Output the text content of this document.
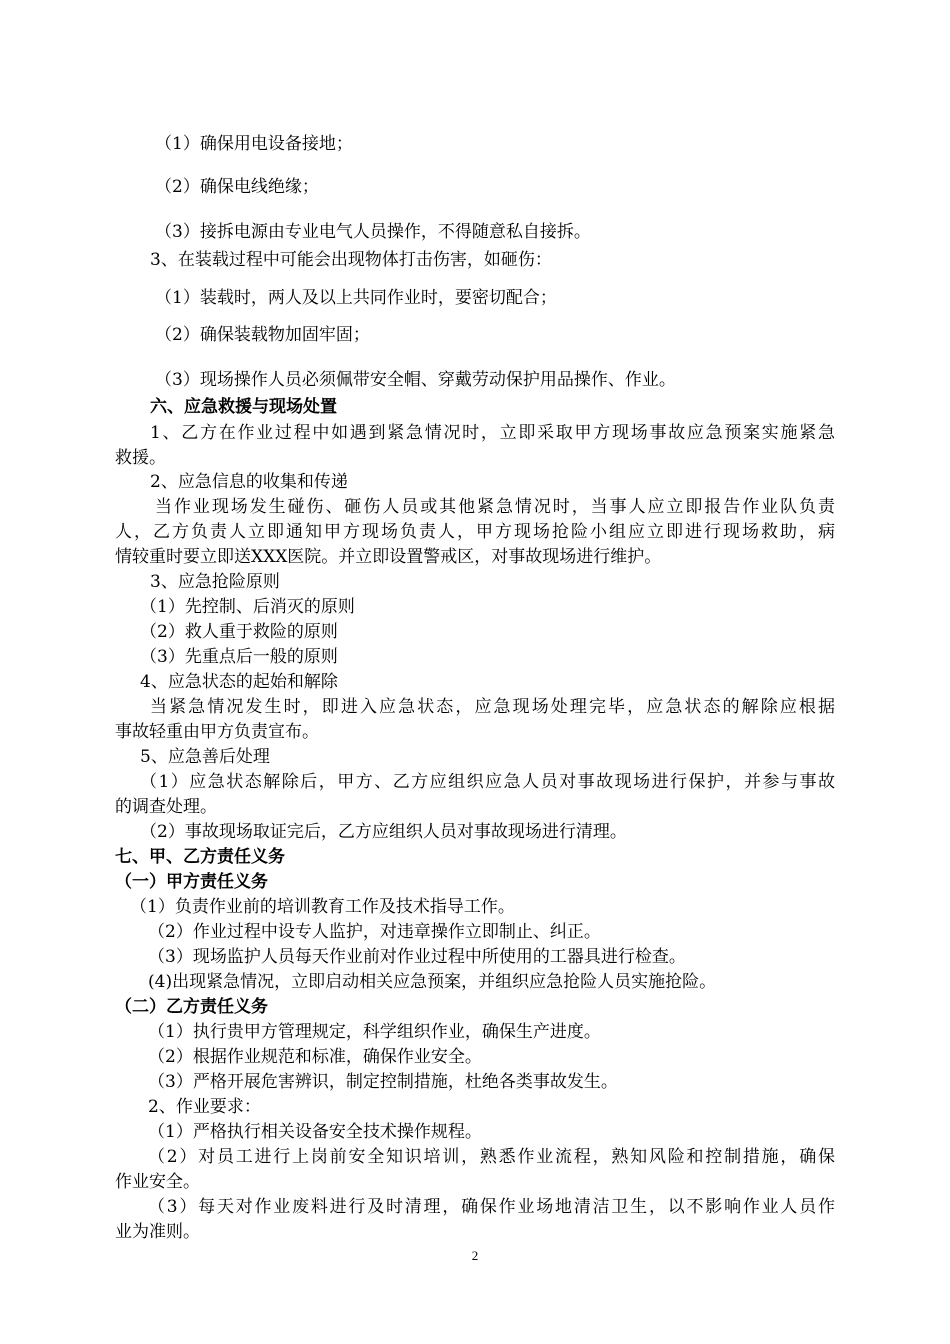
（1）确保用电设备接地；
（2）确保电线绝缘；
（3）接拆电源由专业电气人员操作，不得随意私自接拆。
3、在装载过程中可能会出现物体打击伤害，如砸伤：
（1）装载时，两人及以上共同作业时，要密切配合；
（2）确保装载物加固牢固；
（3）现场操作人员必须佩带安全帽、穿戴劳动保护用品操作、作业。
六、应急救援与现场处置
1、乙方在作业过程中如遇到紧急情况时，立即采取甲方现场事故应急预案实施紧急
救援。
2、应急信息的收集和传递
当作业现场发生碰伤、砸伤人员或其他紧急情况时，当事人应立即报告作业队负责
人，乙方负责人立即通知甲方现场负责人，甲方现场抢险小组应立即进行现场救助，病
情较重时要立即送XXX医院。并立即设置警戒区，对事故现场进行维护。
3、应急抢险原则
（1）先控制、后消灭的原则
（2）救人重于救险的原则
（3）先重点后一般的原则
4、应急状态的起始和解除
当紧急情况发生时，即进入应急状态，应急现场处理完毕，应急状态的解除应根据
事故轻重由甲方负责宣布。
5、应急善后处理
（1）应急状态解除后，甲方、乙方应组织应急人员对事故现场进行保护，并参与事故
的调查处理。
（2）事故现场取证完后，乙方应组织人员对事故现场进行清理。
七、甲、乙方责任义务
（一）甲方责任义务
（1）负责作业前的培训教育工作及技术指导工作。
（2）作业过程中设专人监护，对违章操作立即制止、纠正。
（3）现场监护人员每天作业前对作业过程中所使用的工器具进行检查。
(4)出现紧急情况，立即启动相关应急预案，并组织应急抢险人员实施抢险。
（二）乙方责任义务
（1）执行贵甲方管理规定，科学组织作业，确保生产进度。
（2）根据作业规范和标准，确保作业安全。
（3）严格开展危害辨识，制定控制措施，杜绝各类事故发生。
2、作业要求：
（1）严格执行相关设备安全技术操作规程。
（2）对员工进行上岗前安全知识培训，熟悉作业流程，熟知风险和控制措施，确保
作业安全。
（3）每天对作业废料进行及时清理，确保作业场地清洁卫生，以不影响作业人员作
业为准则。
2
